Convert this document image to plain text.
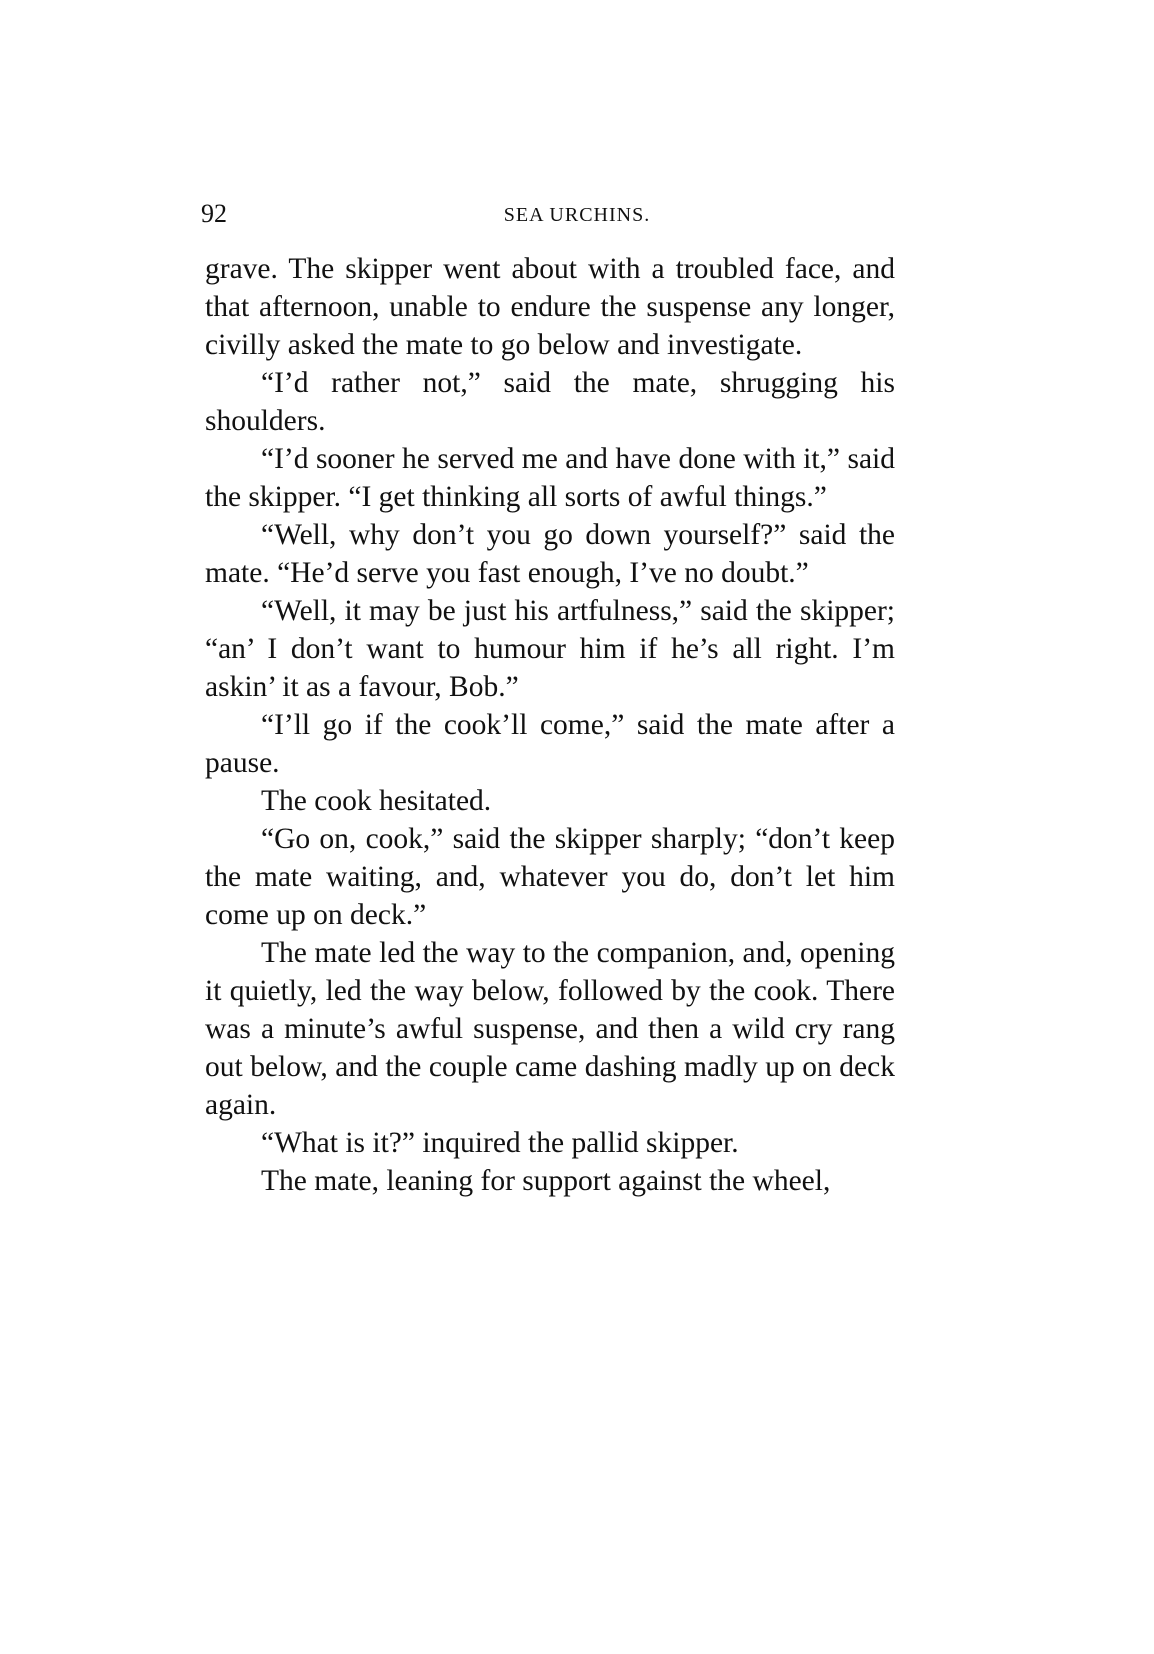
92	SEA URCHINS.

grave. The skipper went about with a troubled face, and that afternoon, unable to endure the suspense any longer, civilly asked the mate to go below and investigate.

“I’d rather not,” said the mate, shrugging his shoulders.

“I’d sooner he served me and have done with it,” said the skipper. “I get thinking all sorts of awful things.”

“Well, why don’t you go down yourself?” said the mate. “He’d serve you fast enough, I’ve no doubt.”

“Well, it may be just his artfulness,” said the skipper; “an’ I don’t want to humour him if he’s all right. I’m askin’ it as a favour, Bob.”

“I’ll go if the cook’ll come,” said the mate after a pause.

The cook hesitated.

“Go on, cook,” said the skipper sharply; “don’t keep the mate waiting, and, whatever you do, don’t let him come up on deck.”

The mate led the way to the companion, and, opening it quietly, led the way below, followed by the cook. There was a minute’s awful suspense, and then a wild cry rang out below, and the couple came dashing madly up on deck again.

“What is it?” inquired the pallid skipper.

The mate, leaning for support against the wheel,
